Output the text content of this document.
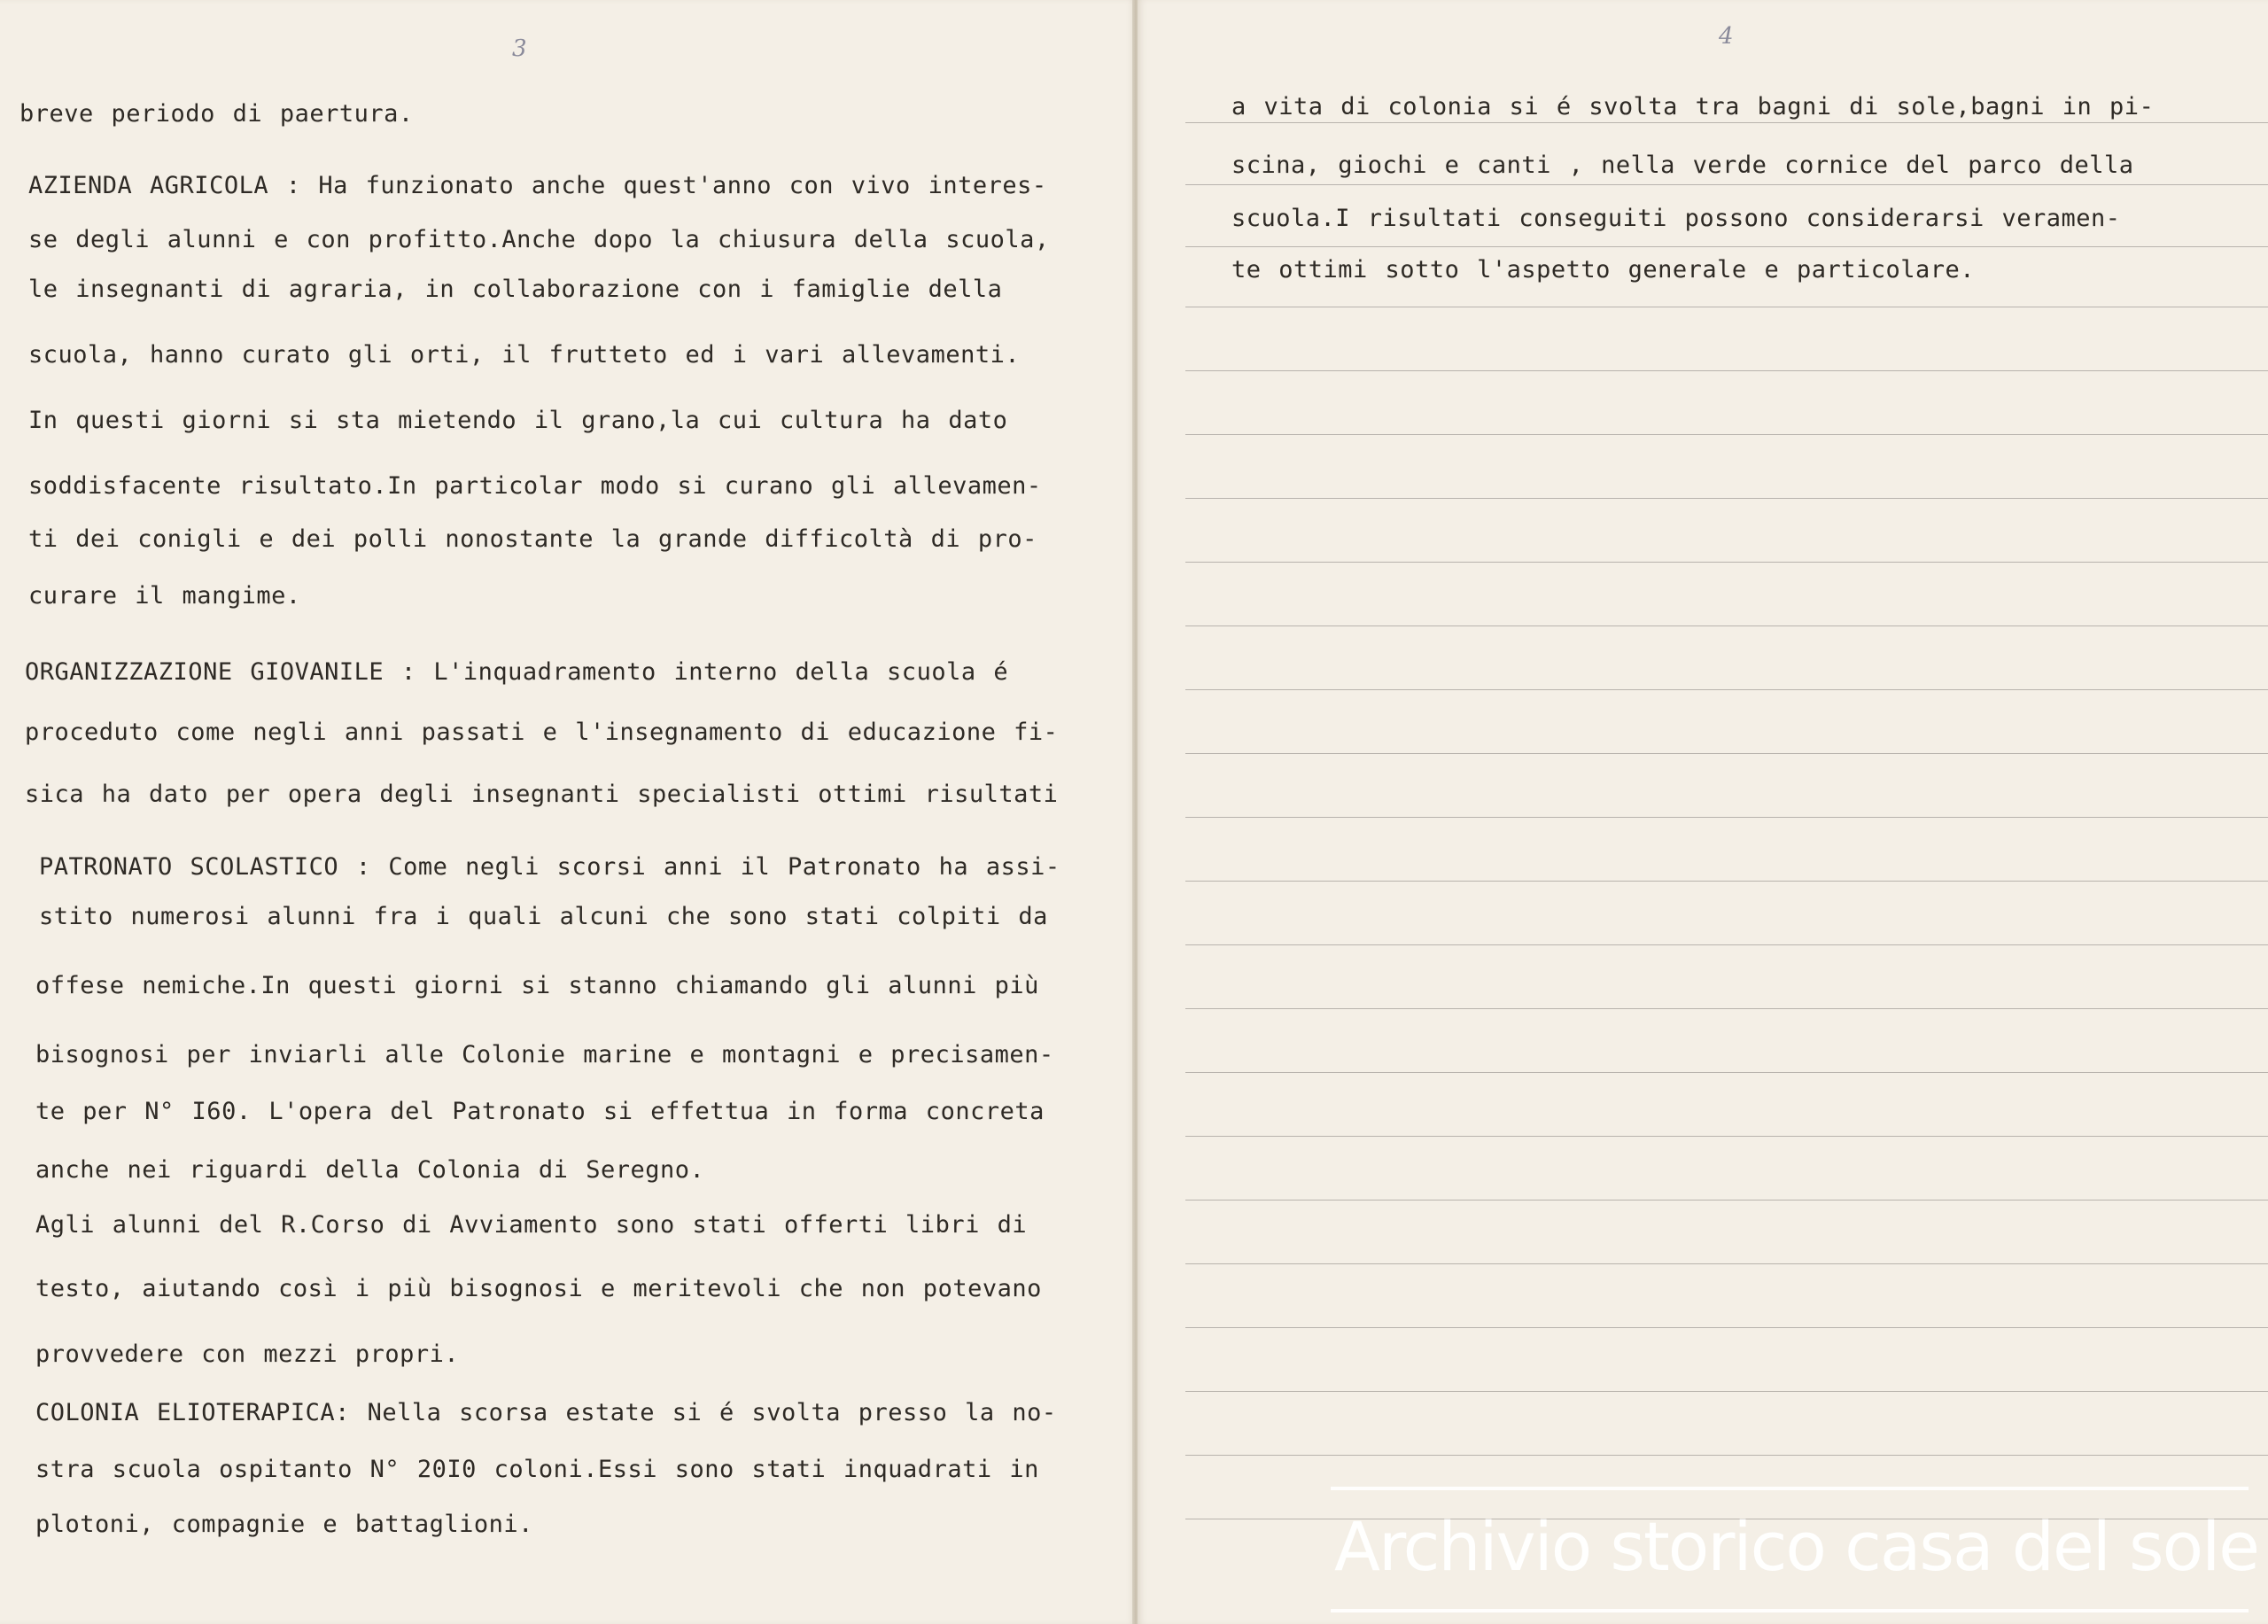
3
breve periodo di paertura.
AZIENDA AGRICOLA : Ha funzionato anche quest'anno con vivo interes-
se degli alunni e con profitto.Anche dopo la chiusura della scuola,
le insegnanti di agraria, in collaborazione con i famiglie della
scuola, hanno curato gli orti, il frutteto ed i vari allevamenti.
In questi giorni si sta mietendo il grano,la cui cultura ha dato
soddisfacente risultato.In particolar modo si curano gli allevamen-
ti dei conigli e dei polli nonostante la grande difficoltà di pro-
curare il mangime.
ORGANIZZAZIONE GIOVANILE : L'inquadramento interno della scuola é
proceduto come negli anni passati e l'insegnamento di educazione fi-
sica ha dato per opera degli insegnanti specialisti ottimi risultati
PATRONATO SCOLASTICO : Come negli scorsi anni il Patronato ha assi-
stito numerosi alunni fra i quali alcuni che sono stati colpiti da
offese nemiche.In questi giorni si stanno chiamando gli alunni più
bisognosi per inviarli alle Colonie marine e montagni e precisamen-
te per N° I60. L'opera del Patronato si effettua in forma concreta
anche nei riguardi della Colonia di Seregno.
Agli alunni del R.Corso di Avviamento sono stati offerti libri di
testo, aiutando così i più bisognosi e meritevoli che non potevano
provvedere con mezzi propri.
COLONIA ELIOTERAPICA: Nella scorsa estate si é svolta presso la no-
stra scuola ospitanto N° 20I0 coloni.Essi sono stati inquadrati in
plotoni, compagnie e battaglioni.
4
a vita di colonia si é svolta tra bagni di sole,bagni in pi-
scina, giochi e canti , nella verde cornice del parco della
scuola.I risultati conseguiti possono considerarsi veramen-
te ottimi sotto l'aspetto generale e particolare.
Archivio storico casa del sole
